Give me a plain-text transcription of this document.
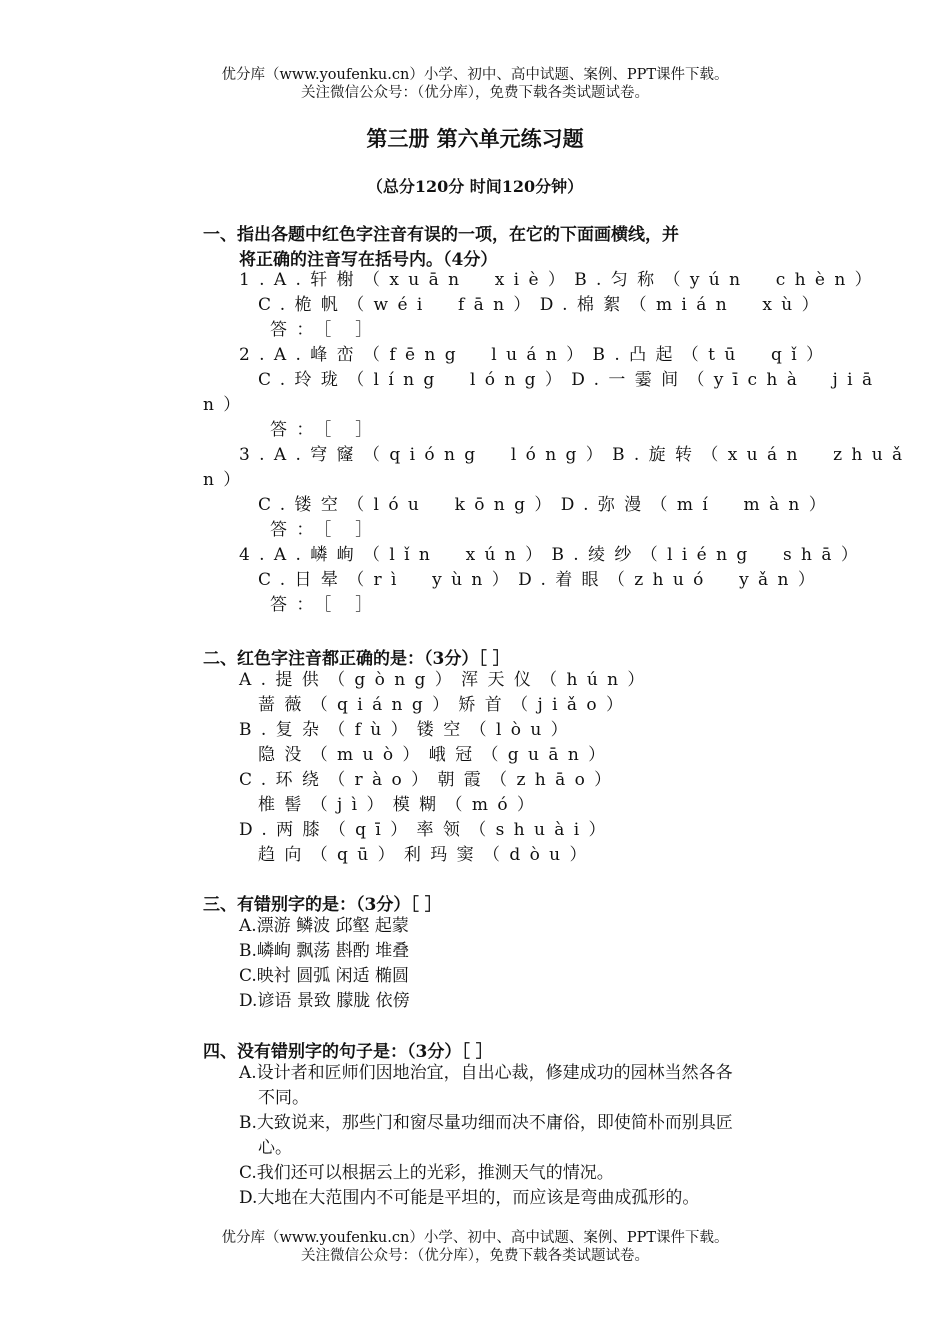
优分库（www.youfenku.cn）小学、初中、高中试题、案例、PPT课件下载。
关注微信公众号：（优分库），免费下载各类试题试卷。
第三册 第六单元练习题
（总分120分 时间120分钟）
一、指出各题中红色字注音有误的一项，在它的下面画横线，并
将正确的注音写在括号内。（4分）
1.A.轩榭（xuān　xiè）B.匀称（yún　chèn）
C.桅帆（wéi　fān）D.棉絮（mián　xù）
答：［ ］
2.A.峰峦（fēng　luán）B.凸起（tū　qǐ）
C.玲珑（líng　lóng）D.一霎间（yīchà　jiā
n）
答：［ ］
3.A.穹窿（qióng　lóng）B.旋转（xuán　zhuǎ
n）
C.镂空（lóu　kōng）D.弥漫（mí　màn）
答：［ ］
4.A.嶙峋（lǐn　xún）B.绫纱（liéng　shā）
C.日晕（rì　yùn）D.着眼（zhuó　yǎn）
答：［ ］
二、红色字注音都正确的是：（3分）［ ］
A.提供（gòng）浑天仪（hún）
蔷薇（qiáng）矫首（jiǎo）
B.复杂（fù）镂空（lòu）
隐没（muò）峨冠（guān）
C.环绕（rào）朝霞（zhāo）
椎髻（jì）模糊（mó）
D.两膝（qī）率领（shuài）
趋向（qū）利玛窦（dòu）
三、有错别字的是：（3分）［ ］
A.漂游 鳞波 邱壑 起蒙
B.嶙峋 飘荡 斟酌 堆叠
C.映衬 圆弧 闲适 椭圆
D.谚语 景致 朦胧 依傍
四、没有错别字的句子是：（3分）［ ］
A.设计者和匠师们因地治宜，自出心裁，修建成功的园林当然各各
不同。
B.大致说来，那些门和窗尽量功细而决不庸俗，即使简朴而别具匠
心。
C.我们还可以根据云上的光彩，推测天气的情况。
D.大地在大范围内不可能是平坦的，而应该是弯曲成孤形的。
优分库（www.youfenku.cn）小学、初中、高中试题、案例、PPT课件下载。
关注微信公众号：（优分库），免费下载各类试题试卷。
